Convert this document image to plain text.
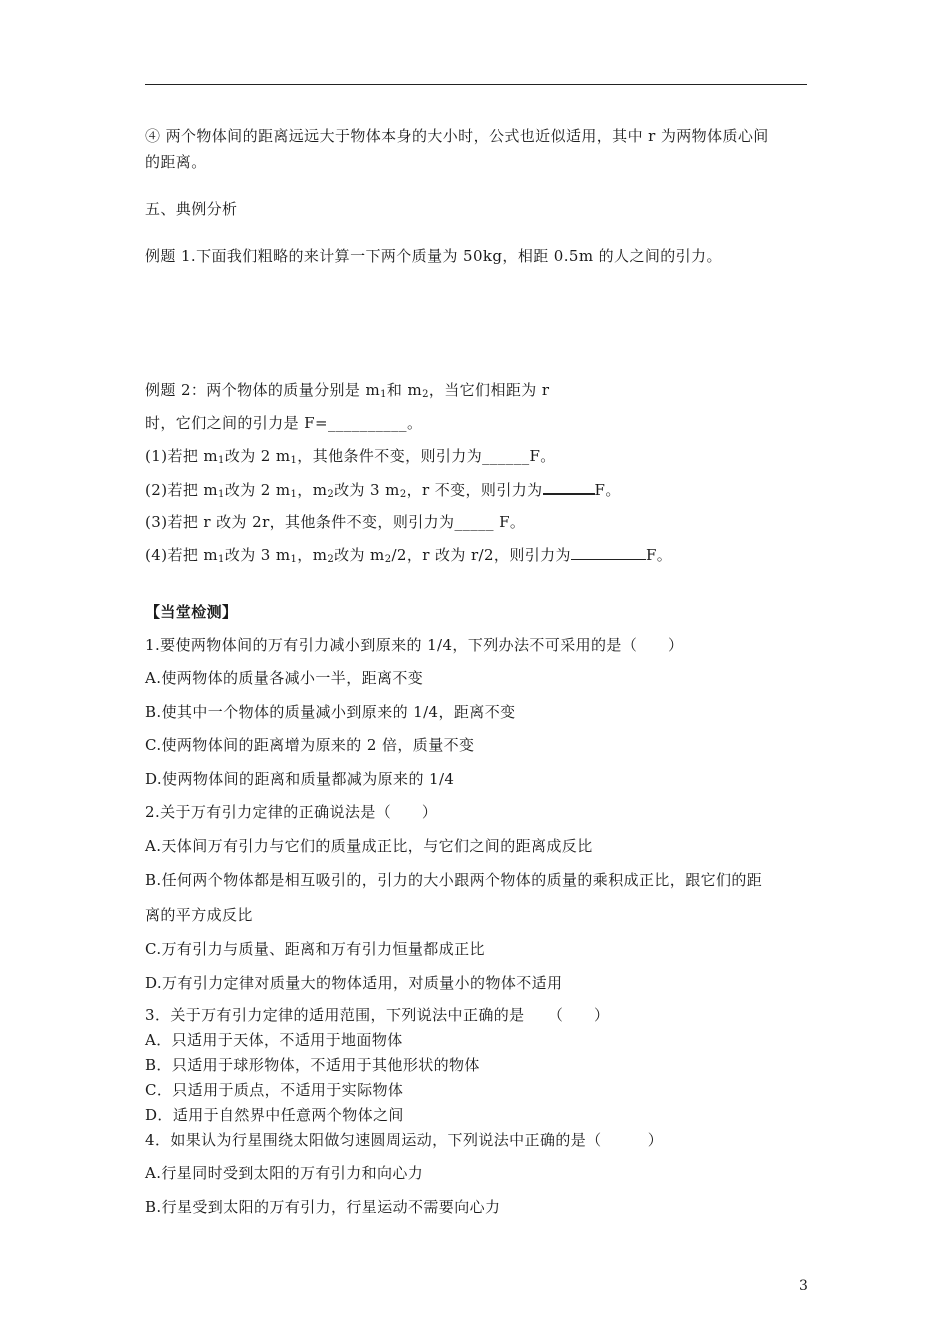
④ 两个物体间的距离远远大于物体本身的大小时，公式也近似适用，其中 r 为两物体质心间
的距离。
五、典例分析
例题 1.下面我们粗略的来计算一下两个质量为 50kg，相距 0.5m 的人之间的引力。
例题 2：两个物体的质量分别是 $m_1$和 $m_2$，当它们相距为 r
时，它们之间的引力是 F=__________。
(1)若把 $m_1$改为 2 $m_1$，其他条件不变，则引力为______F。
(2)若把 $m_1$改为 2 $m_1$，$m_2$改为 3 $m_2$，r 不变，则引力为	F。
(3)若把 r 改为 2r，其他条件不变，则引力为_____ F。
(4)若把 $m_1$改为 3 $m_1$，$m_2$改为 $m_2/2$，r 改为 r/2，则引力为	F。
【当堂检测】
1.要使两物体间的万有引力减小到原来的 1/4，下列办法不可采用的是（　　）
A.使两物体的质量各减小一半，距离不变
B.使其中一个物体的质量减小到原来的 1/4，距离不变
C.使两物体间的距离增为原来的 2 倍，质量不变
D.使两物体间的距离和质量都减为原来的 1/4
2.关于万有引力定律的正确说法是（　　）
A.天体间万有引力与它们的质量成正比，与它们之间的距离成反比
B.任何两个物体都是相互吸引的，引力的大小跟两个物体的质量的乘积成正比，跟它们的距
离的平方成反比
C.万有引力与质量、距离和万有引力恒量都成正比
D.万有引力定律对质量大的物体适用，对质量小的物体不适用
3．关于万有引力定律的适用范围，下列说法中正确的是　　（　　）
A．只适用于天体，不适用于地面物体
B．只适用于球形物体，不适用于其他形状的物体
C．只适用于质点，不适用于实际物体
D．适用于自然界中任意两个物体之间
4．如果认为行星围绕太阳做匀速圆周运动，下列说法中正确的是（　　　）
A.行星同时受到太阳的万有引力和向心力
B.行星受到太阳的万有引力，行星运动不需要向心力
3
